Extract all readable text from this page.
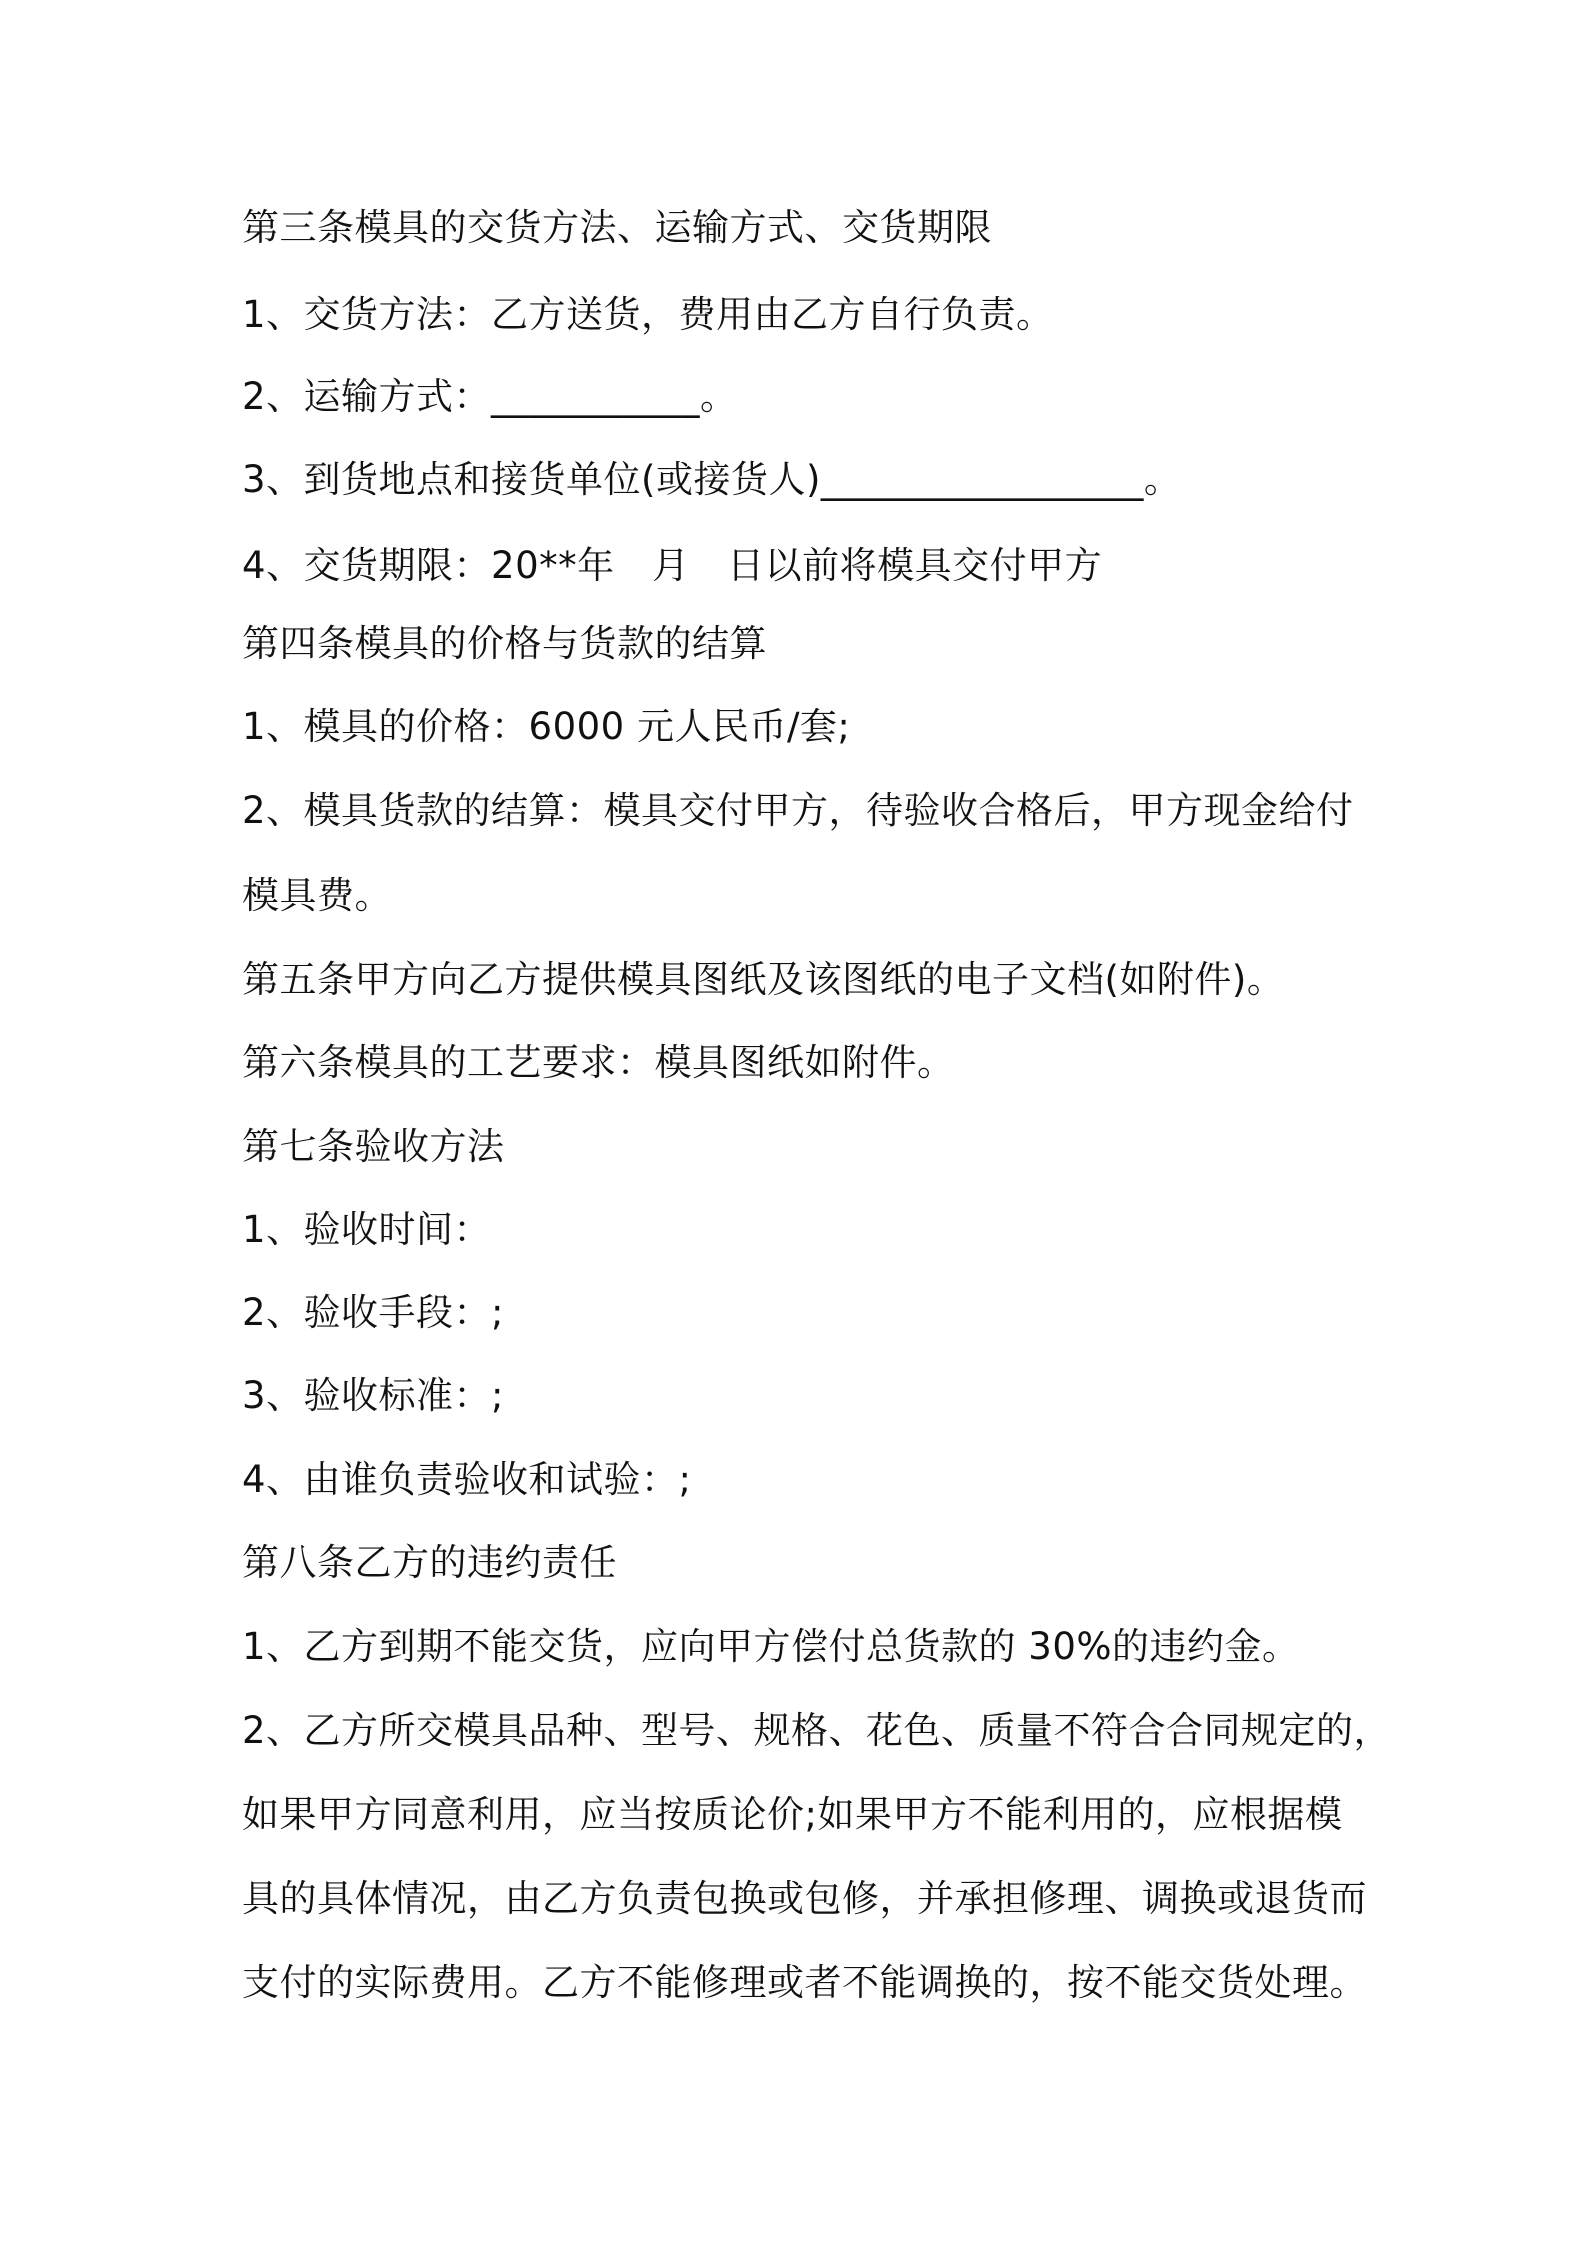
第三条模具的交货方法、运输方式、交货期限
1、交货方法：乙方送货，费用由乙方自行负责。
2、运输方式：___________。
3、到货地点和接货单位(或接货人)_________________。
4、交货期限：20**年　月　日以前将模具交付甲方
第四条模具的价格与货款的结算
1、模具的价格：6000 元人民币/套;
2、模具货款的结算：模具交付甲方，待验收合格后，甲方现金给付
模具费。
第五条甲方向乙方提供模具图纸及该图纸的电子文档(如附件)。
第六条模具的工艺要求：模具图纸如附件。
第七条验收方法
1、验收时间：
2、验收手段：;
3、验收标准：;
4、由谁负责验收和试验：;
第八条乙方的违约责任
1、乙方到期不能交货，应向甲方偿付总货款的 30%的违约金。
2、乙方所交模具品种、型号、规格、花色、质量不符合合同规定的，
如果甲方同意利用，应当按质论价;如果甲方不能利用的，应根据模
具的具体情况，由乙方负责包换或包修，并承担修理、调换或退货而
支付的实际费用。乙方不能修理或者不能调换的，按不能交货处理。
